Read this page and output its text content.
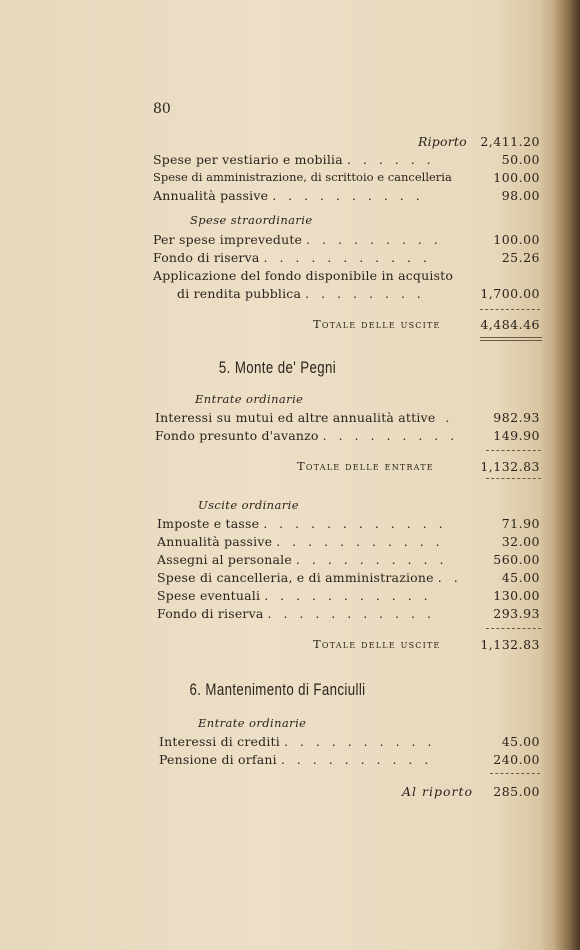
80
Riporto 2,411.20
Spese per vestiario e mobilia . . . . . .	50.00
Spese di amministrazione, di scrittoio e cancelleria	100.00
Annualità passive . . . . . . . . . .	98.00
Spese straordinarie
Per spese imprevedute . . . . . . . . .	100.00
Fondo di riserva . . . . . . . . . . .	25.26
Applicazione del fondo disponibile in acquisto
di rendita pubblica . . . . . . . .	1,700.00
Totale delle uscite	4,484.46
5. Monte de' Pegni
Entrate ordinarie
Interessi su mutui ed altre annualità attive .	982.93
Fondo presunto d'avanzo . . . . . . . . .	149.90
Totale delle entrate	1,132.83
Uscite ordinarie
Imposte e tasse . . . . . . . . . . . .	71.90
Annualità passive . . . . . . . . . . .	32.00
Assegni al personale . . . . . . . . . .	560.00
Spese di cancelleria, e di amministrazione . .	45.00
Spese eventuali . . . . . . . . . . .	130.00
Fondo di riserva . . . . . . . . . . .	293.93
Totale delle uscite	1,132.83
6. Mantenimento di Fanciulli
Entrate ordinarie
Interessi di crediti . . . . . . . . . .	45.00
Pensione di orfani . . . . . . . . . .	240.00
Al riporto 285.00
